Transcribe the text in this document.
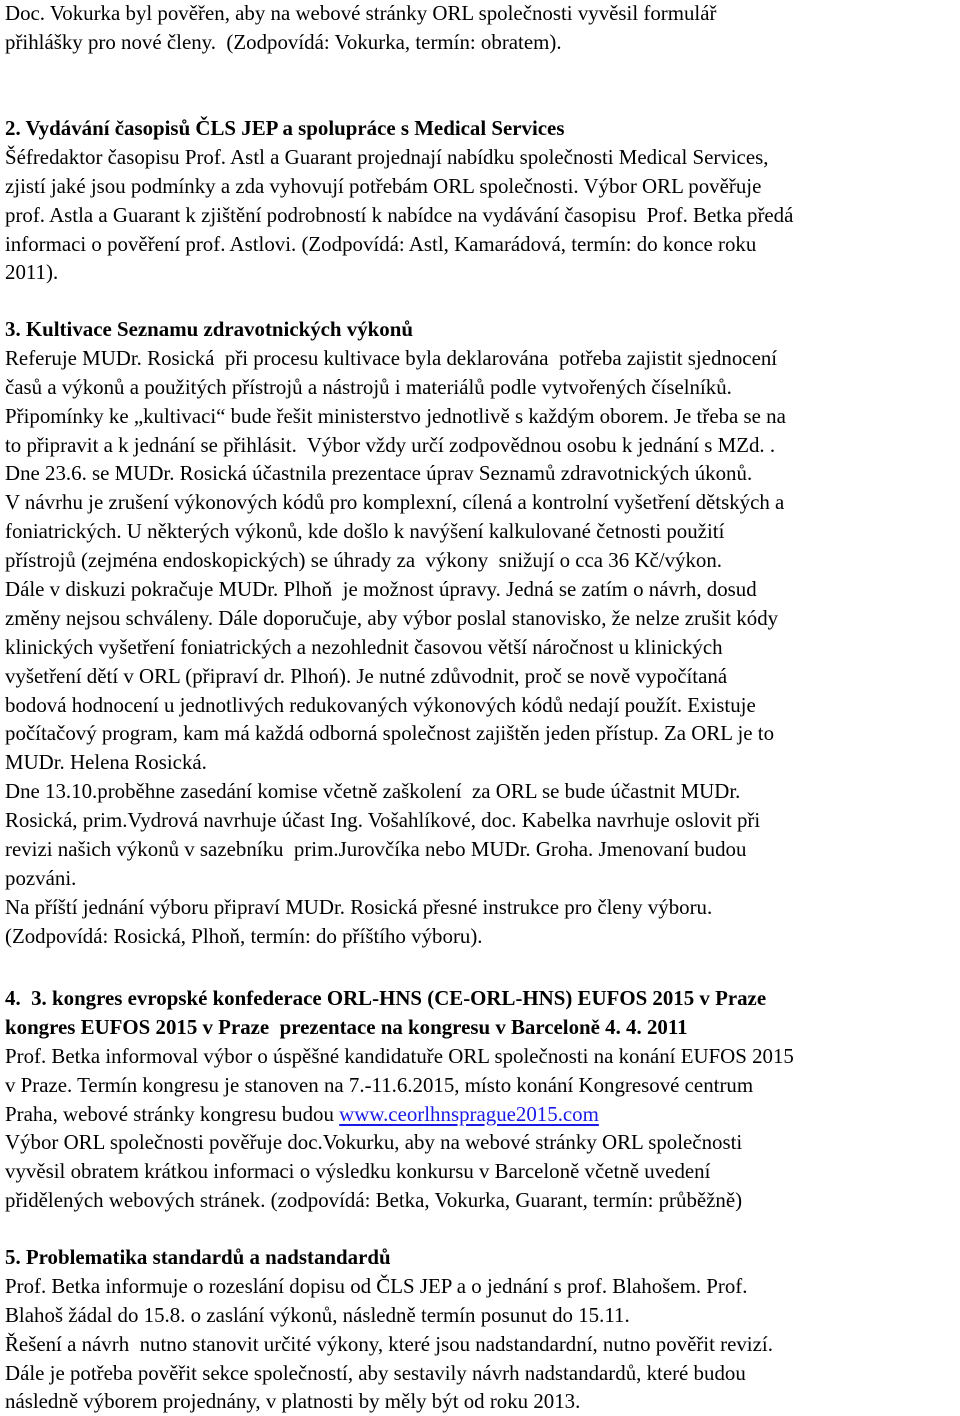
Doc. Vokurka byl pověřen, aby na webové stránky ORL společnosti vyvěsil formulář
přihlášky pro nové členy.  (Zodpovídá: Vokurka, termín: obratem).
2. Vydávání časopisů ČLS JEP a spolupráce s Medical Services
Šéfredaktor časopisu Prof. Astl a Guarant projednají nabídku společnosti Medical Services,
zjistí jaké jsou podmínky a zda vyhovují potřebám ORL společnosti. Výbor ORL pověřuje
prof. Astla a Guarant k zjištění podrobností k nabídce na vydávání časopisu  Prof. Betka předá
informaci o pověření prof. Astlovi. (Zodpovídá: Astl, Kamarádová, termín: do konce roku
2011).
3. Kultivace Seznamu zdravotnických výkonů
Referuje MUDr. Rosická  při procesu kultivace byla deklarována  potřeba zajistit sjednocení
časů a výkonů a použitých přístrojů a nástrojů i materiálů podle vytvořených číselníků.
Připomínky ke „kultivaci“ bude řešit ministerstvo jednotlivě s každým oborem. Je třeba se na
to připravit a k jednání se přihlásit.  Výbor vždy určí zodpovědnou osobu k jednání s MZd. .
Dne 23.6. se MUDr. Rosická účastnila prezentace úprav Seznamů zdravotnických úkonů.
V návrhu je zrušení výkonových kódů pro komplexní, cílená a kontrolní vyšetření dětských a
foniatrických. U některých výkonů, kde došlo k navýšení kalkulované četnosti použití
přístrojů (zejména endoskopických) se úhrady za  výkony  snižují o cca 36 Kč/výkon.
Dále v diskuzi pokračuje MUDr. Plhoň  je možnost úpravy. Jedná se zatím o návrh, dosud
změny nejsou schváleny. Dále doporučuje, aby výbor poslal stanovisko, že nelze zrušit kódy
klinických vyšetření foniatrických a nezohlednit časovou větší náročnost u klinických
vyšetření dětí v ORL (připraví dr. Plhoń). Je nutné zdůvodnit, proč se nově vypočítaná
bodová hodnocení u jednotlivých redukovaných výkonových kódů nedají použít. Existuje
počítačový program, kam má každá odborná společnost zajištěn jeden přístup. Za ORL je to
MUDr. Helena Rosická.
Dne 13.10.proběhne zasedání komise včetně zaškolení  za ORL se bude účastnit MUDr.
Rosická, prim.Vydrová navrhuje účast Ing. Vošahlíkové, doc. Kabelka navrhuje oslovit při
revizi našich výkonů v sazebníku  prim.Jurovčíka nebo MUDr. Groha. Jmenovaní budou
pozváni.
Na příští jednání výboru připraví MUDr. Rosická přesné instrukce pro členy výboru.
(Zodpovídá: Rosická, Plhoň, termín: do příštího výboru).
4.  3. kongres evropské konfederace ORL-HNS (CE-ORL-HNS) EUFOS 2015 v Praze
kongres EUFOS 2015 v Praze  prezentace na kongresu v Barceloně 4. 4. 2011
Prof. Betka informoval výbor o úspěšné kandidatuře ORL společnosti na konání EUFOS 2015
v Praze. Termín kongresu je stanoven na 7.-11.6.2015, místo konání Kongresové centrum
Praha, webové stránky kongresu budou www.ceorlhnsprague2015.com
Výbor ORL společnosti pověřuje doc.Vokurku, aby na webové stránky ORL společnosti
vyvěsil obratem krátkou informaci o výsledku konkursu v Barceloně včetně uvedení
přidělených webových stránek. (zodpovídá: Betka, Vokurka, Guarant, termín: průběžně)
5. Problematika standardů a nadstandardů
Prof. Betka informuje o rozeslání dopisu od ČLS JEP a o jednání s prof. Blahošem. Prof.
Blahoš žádal do 15.8. o zaslání výkonů, následně termín posunut do 15.11.
Řešení a návrh  nutno stanovit určité výkony, které jsou nadstandardní, nutno pověřit revizí.
Dále je potřeba pověřit sekce společností, aby sestavily návrh nadstandardů, které budou
následně výborem projednány, v platnosti by měly být od roku 2013.
